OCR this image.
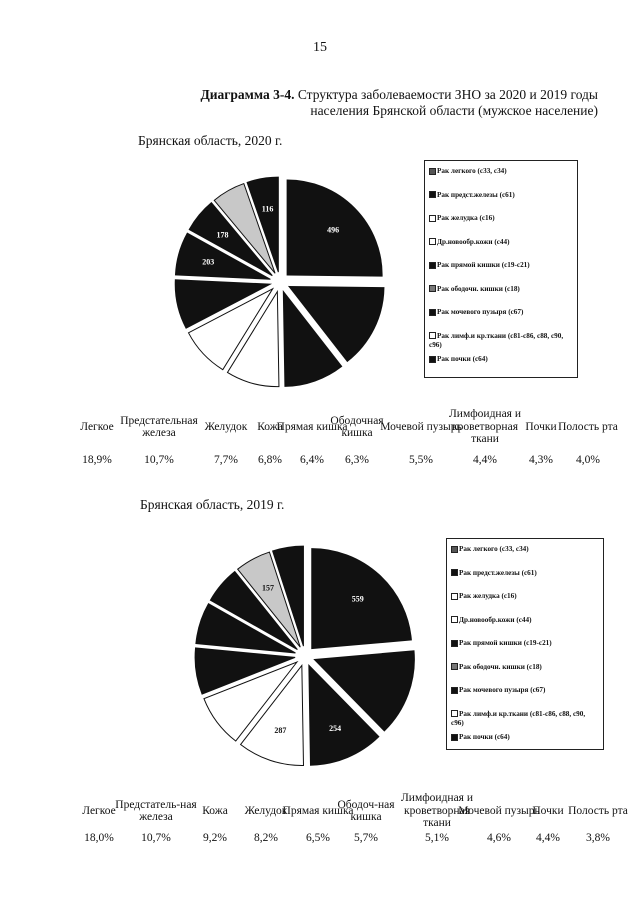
15
Диаграмма 3-4. Структура заболеваемости ЗНО за 2020 и 2019 годы
населения Брянской области (мужское население)
Брянская область, 2020 г.
496
203
178
116
Рак легкого (с33, с34)
Рак предст.железы (с61)
Рак желудка (с16)
Др.новообр.кожи (с44)
Рак прямой кишки (с19-с21)
Рак ободочн. кишки (с18)
Рак мочевого пузыря (с67)
Рак лимф.и кр.ткани (с81-с86, с88, с90, с96)
Рак почки (с64)
Легкое
18,9%
Предстательная железа
10,7%
Желудок
7,7%
Кожа
6,8%
Прямая кишка
6,4%
Ободочная кишка
6,3%
Мочевой пузырь
5,5%
Лимфоидная и кроветворная ткани
4,4%
Почки
4,3%
Полость рта
4,0%
Брянская область, 2019 г.
559
254
287
157
Рак легкого (с33, с34)
Рак предст.железы (с61)
Рак желудка (с16)
Др.новообр.кожи (с44)
Рак прямой кишки (с19-с21)
Рак ободочн. кишки (с18)
Рак мочевого пузыря (с67)
Рак лимф.и кр.ткани (с81-с86, с88, с90, с96)
Рак почки (с64)
Легкое
18,0%
Предстатель-ная железа
10,7%
Кожа
9,2%
Желудок
8,2%
Прямая кишка
6,5%
Ободоч-ная кишка
5,7%
Лимфоидная и кроветворная ткани
5,1%
Мочевой пузырь
4,6%
Почки
4,4%
Полость рта
3,8%
